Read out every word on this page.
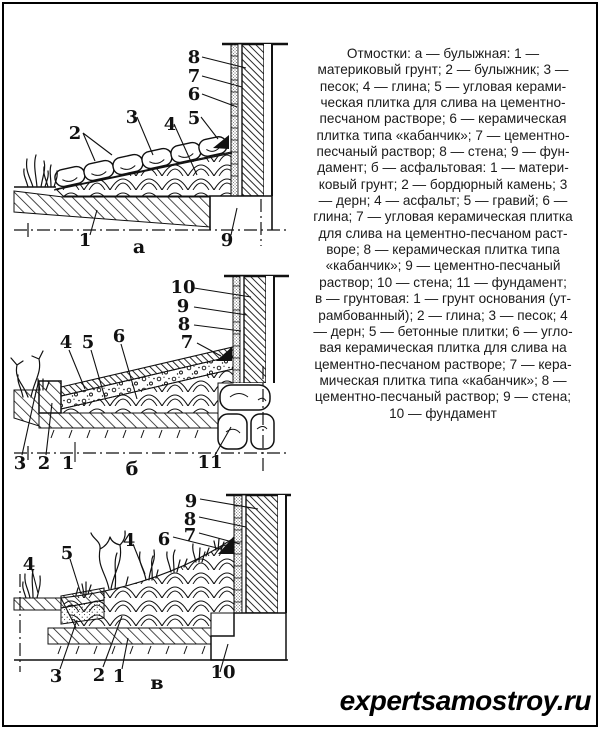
8
7
6
5
3 4
2
1	9
а
10
9
8
7
4 5 6
3 2 1	11
б
9
8
7
6
4
5
4
3 2 1	10
в
Отмостки: а — булыжная: 1 —
материковый грунт; 2 — булыжник; 3 —
песок; 4 — глина; 5 — угловая керами-
ческая плитка для слива на цементно-
песчаном растворе; 6 — керамическая
плитка типа «кабанчик»; 7 — цементно-
песчаный раствор; 8 — стена; 9 — фун-
дамент; б — асфальтовая: 1 — матери-
ковый грунт; 2 — бордюрный камень; 3
— дерн; 4 — асфальт; 5 — гравий; 6 —
глина; 7 — угловая керамическая плитка
для слива на цементно-песчаном раст-
воре; 8 — керамическая плитка типа
«кабанчик»; 9 — цементно-песчаный
раствор; 10 — стена; 11 — фундамент;
в — грунтовая: 1 — грунт основания (ут-
рамбованный); 2 — глина; 3 — песок; 4
— дерн; 5 — бетонные плитки; 6 — угло-
вая керамическая плитка для слива на
цементно-песчаном растворе; 7 — кера-
мическая плитка типа «кабанчик»; 8 —
цементно-песчаный раствор; 9 — стена;
10 — фундамент
expertsamostroy.ru
